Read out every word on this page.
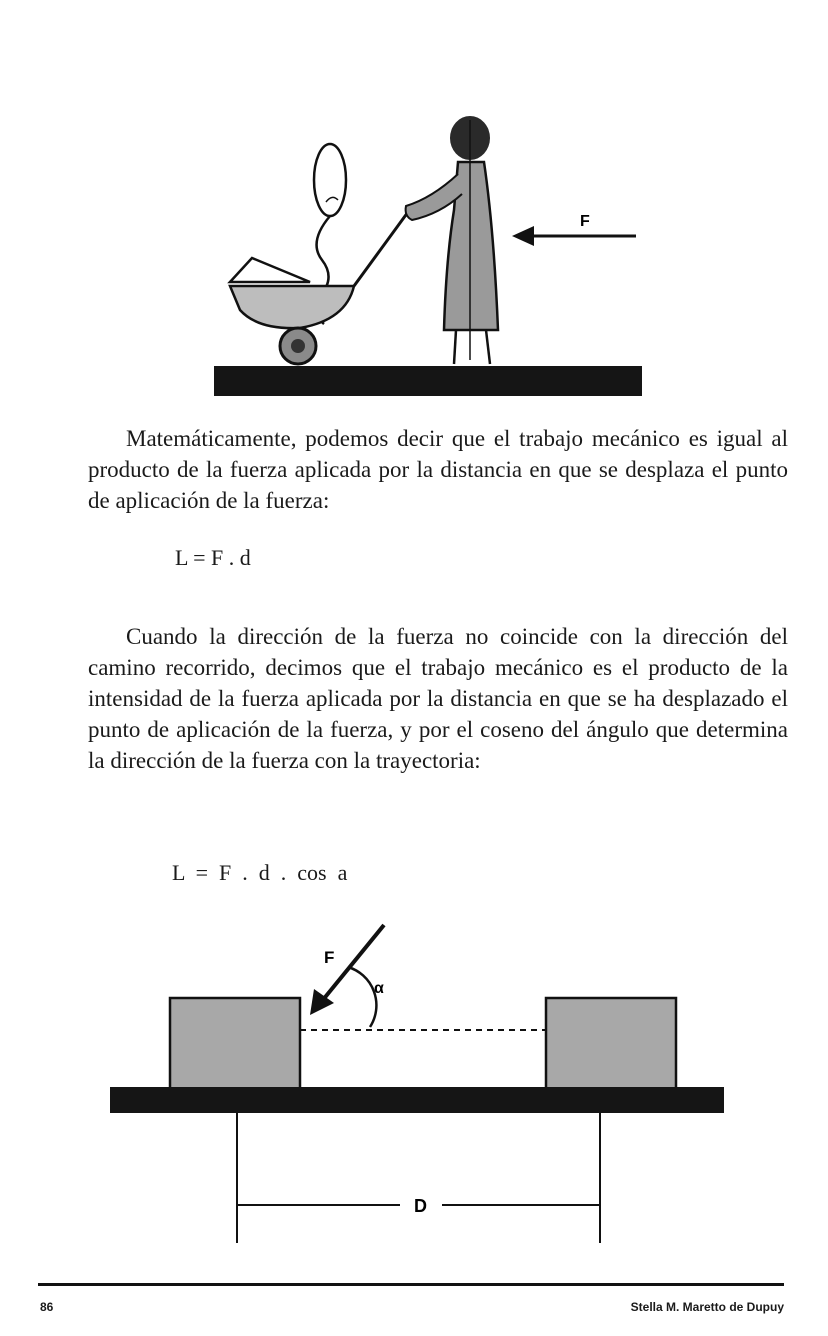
F

Matemáticamente, podemos decir que el trabajo mecánico es igual al producto de la fuerza aplicada por la distancia en que se desplaza el punto de aplicación de la fuerza:

L = F . d

Cuando la dirección de la fuerza no coincide con la dirección del camino recorrido, decimos que el trabajo mecánico es el producto de la intensidad de la fuerza aplicada por la distancia en que se ha desplazado el punto de aplicación de la fuerza, y por el coseno del ángulo que determina la dirección de la fuerza con la trayectoria:

L  =  F  .  d  .  cos  a
F
α
D
86	Stella M. Maretto de Dupuy
